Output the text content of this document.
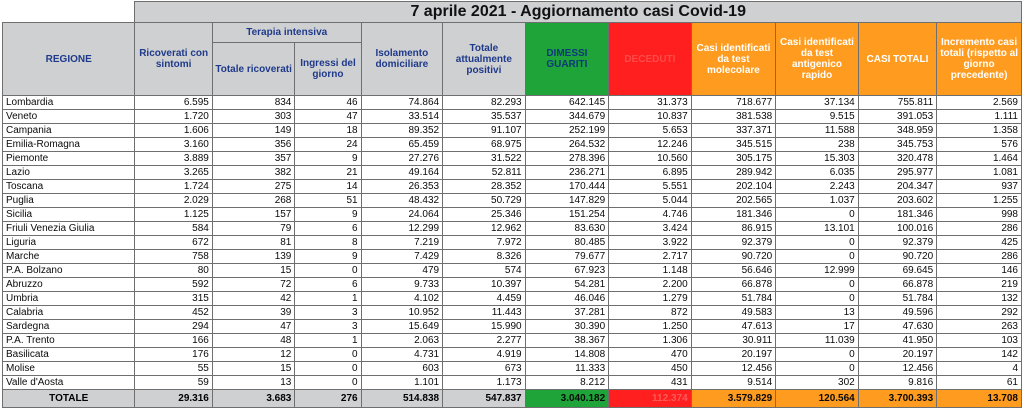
	7 aprile 2021 - Aggiornamento casi Covid-19										
REGIONE	Ricoverati con sintomi	Terapia intensiva		Isolamento domiciliare	Totale attualmente positivi	DIMESSI GUARITI	DECEDUTI	Casi identificati da test molecolare	Casi identificati da test antigenico rapido	CASI TOTALI	Incremento casi totali (rispetto al giorno precedente)
		Totale ricoverati	Ingressi del giorno								
Lombardia	6.595	834	46	74.864	82.293	642.145	31.373	718.677	37.134	755.811	2.569
Veneto	1.720	303	47	33.514	35.537	344.679	10.837	381.538	9.515	391.053	1.111
Campania	1.606	149	18	89.352	91.107	252.199	5.653	337.371	11.588	348.959	1.358
Emilia-Romagna	3.160	356	24	65.459	68.975	264.532	12.246	345.515	238	345.753	576
Piemonte	3.889	357	9	27.276	31.522	278.396	10.560	305.175	15.303	320.478	1.464
Lazio	3.265	382	21	49.164	52.811	236.271	6.895	289.942	6.035	295.977	1.081
Toscana	1.724	275	14	26.353	28.352	170.444	5.551	202.104	2.243	204.347	937
Puglia	2.029	268	51	48.432	50.729	147.829	5.044	202.565	1.037	203.602	1.255
Sicilia	1.125	157	9	24.064	25.346	151.254	4.746	181.346	0	181.346	998
Friuli Venezia Giulia	584	79	6	12.299	12.962	83.630	3.424	86.915	13.101	100.016	286
Liguria	672	81	8	7.219	7.972	80.485	3.922	92.379	0	92.379	425
Marche	758	139	9	7.429	8.326	79.677	2.717	90.720	0	90.720	286
P.A. Bolzano	80	15	0	479	574	67.923	1.148	56.646	12.999	69.645	146
Abruzzo	592	72	6	9.733	10.397	54.281	2.200	66.878	0	66.878	219
Umbria	315	42	1	4.102	4.459	46.046	1.279	51.784	0	51.784	132
Calabria	452	39	3	10.952	11.443	37.281	872	49.583	13	49.596	292
Sardegna	294	47	3	15.649	15.990	30.390	1.250	47.613	17	47.630	263
P.A. Trento	166	48	1	2.063	2.277	38.367	1.306	30.911	11.039	41.950	103
Basilicata	176	12	0	4.731	4.919	14.808	470	20.197	0	20.197	142
Molise	55	15	0	603	673	11.333	450	12.456	0	12.456	4
Valle d'Aosta	59	13	0	1.101	1.173	8.212	431	9.514	302	9.816	61
TOTALE	29.316	3.683	276	514.838	547.837	3.040.182	112.374	3.579.829	120.564	3.700.393	13.708
